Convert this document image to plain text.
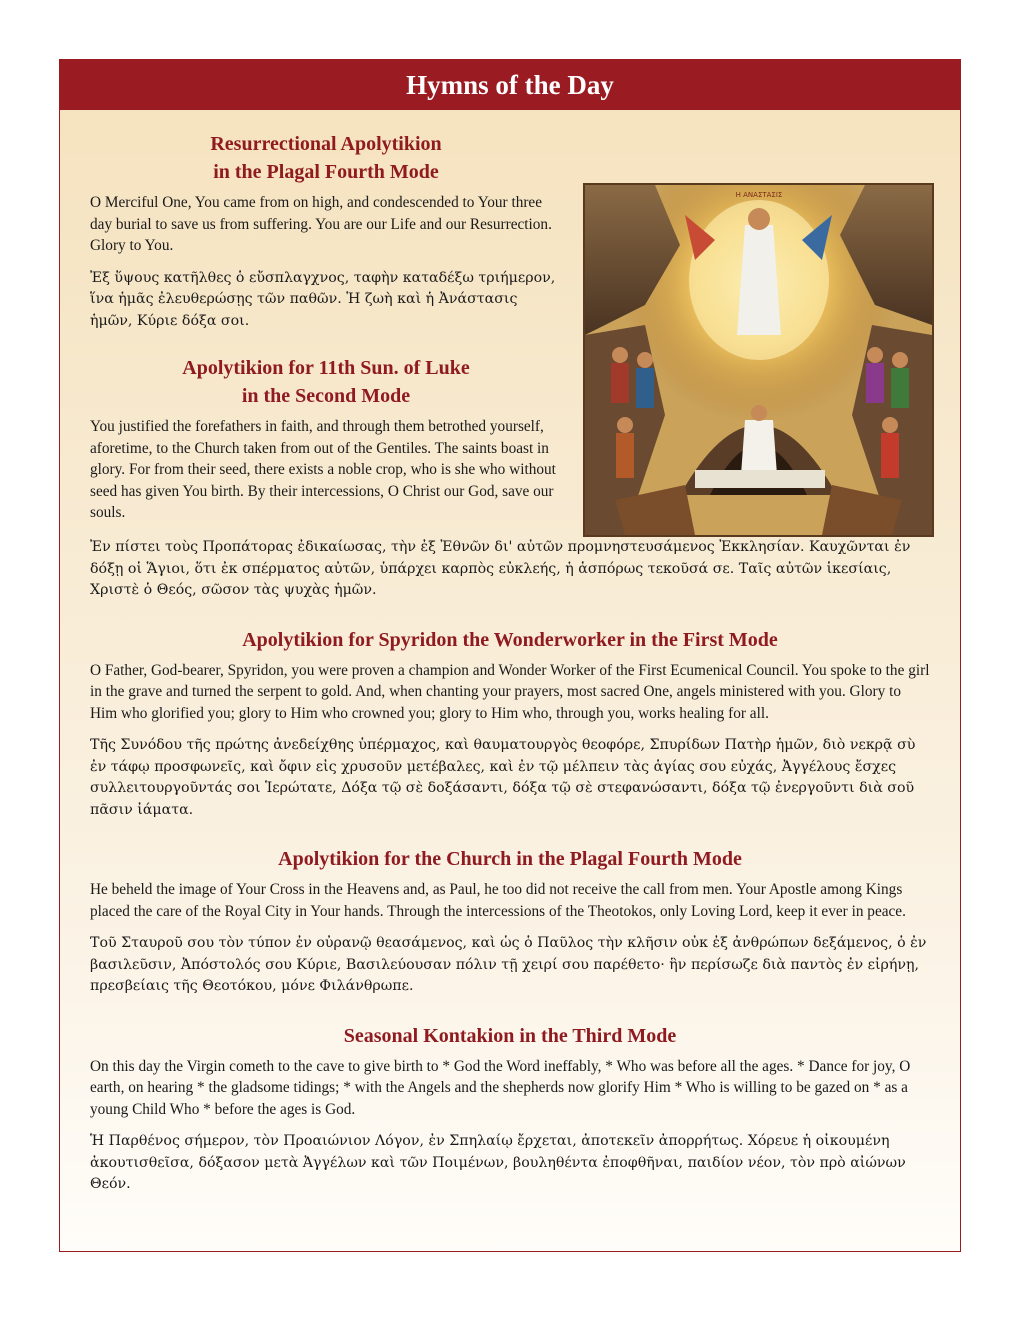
Hymns of the Day
Resurrectional Apolytikion
in the Plagal Fourth Mode

O Merciful One, You came from on high, and condescended to Your three day burial to save us from suffering. You are our Life and our Resurrection. Glory to You.

Ἐξ ὕψους κατῆλθες ὁ εὔσπλαγχνος, ταφὴν καταδέξω τριήμερον, ἵνα ἡμᾶς ἐλευθερώσῃς τῶν παθῶν. Ἡ ζωὴ καὶ ἡ Ἀνάστασις ἡμῶν, Κύριε δόξα σοι.

Apolytikion for 11th Sun. of Luke
in the Second Mode

You justified the forefathers in faith, and through them betrothed yourself, aforetime, to the Church taken from out of the Gentiles. The saints boast in glory. For from their seed, there exists a noble crop, who is she who without seed has given You birth. By their intercessions, O Christ our God, save our souls.

Η ΑΝΑΣΤΑΣΙΣ

Ἐν πίστει τοὺς Προπάτορας ἐδικαίωσας, τὴν ἐξ Ἐθνῶν δι' αὐτῶν προμνηστευσάμενος Ἐκκλησίαν. Καυχῶνται ἐν δόξῃ οἱ Ἅγιοι, ὅτι ἐκ σπέρματος αὐτῶν, ὑπάρχει καρπὸς εὐκλεής, ἡ ἀσπόρως τεκοῦσά σε. Ταῖς αὐτῶν ἱκεσίαις, Χριστὲ ὁ Θεός, σῶσον τὰς ψυχὰς ἡμῶν.

Apolytikion for Spyridon the Wonderworker in the First Mode

O Father, God-bearer, Spyridon, you were proven a champion and Wonder Worker of the First Ecumenical Council. You spoke to the girl in the grave and turned the serpent to gold. And, when chanting your prayers, most sacred One, angels ministered with you. Glory to Him who glorified you; glory to Him who crowned you; glory to Him who, through you, works healing for all.

Τῆς Συνόδου τῆς πρώτης ἀνεδείχθης ὑπέρμαχος, καὶ θαυματουργὸς θεοφόρε, Σπυρίδων Πατὴρ ἡμῶν, διὸ νεκρᾷ σὺ ἐν τάφῳ προσφωνεῖς, καὶ ὄφιν εἰς χρυσοῦν μετέβαλες, καὶ ἐν τῷ μέλπειν τὰς ἁγίας σου εὐχάς, Ἀγγέλους ἔσχες συλλειτουργοῦντάς σοι Ἱερώτατε, Δόξα τῷ σὲ δοξάσαντι, δόξα τῷ σὲ στεφανώσαντι, δόξα τῷ ἐνεργοῦντι διὰ σοῦ πᾶσιν ἰάματα.

Apolytikion for the Church in the Plagal Fourth Mode

He beheld the image of Your Cross in the Heavens and, as Paul, he too did not receive the call from men. Your Apostle among Kings placed the care of the Royal City in Your hands. Through the intercessions of the Theotokos, only Loving Lord, keep it ever in peace.

Τοῦ Σταυροῦ σου τὸν τύπον ἐν οὐρανῷ θεασάμενος, καὶ ὡς ὁ Παῦλος τὴν κλῆσιν οὐκ ἐξ ἀνθρώπων δεξάμενος, ὁ ἐν βασιλεῦσιν, Ἀπόστολός σου Κύριε, Βασιλεύουσαν πόλιν τῇ χειρί σου παρέθετο· ἣν περίσωζε διὰ παντὸς ἐν εἰρήνῃ, πρεσβείαις τῆς Θεοτόκου, μόνε Φιλάνθρωπε.

Seasonal Kontakion in the Third Mode

On this day the Virgin cometh to the cave to give birth to * God the Word ineffably, * Who was before all the ages. * Dance for joy, O earth, on hearing * the gladsome tidings; * with the Angels and the shepherds now glorify Him * Who is willing to be gazed on * as a young Child Who * before the ages is God.

Ἡ Παρθένος σήμερον, τὸν Προαιώνιον Λόγον, ἐν Σπηλαίῳ ἔρχεται, ἀποτεκεῖν ἀπορρήτως. Χόρευε ἡ οἰκουμένη ἀκουτισθεῖσα, δόξασον μετὰ Ἀγγέλων καὶ τῶν Ποιμένων, βουληθέντα ἐποφθῆναι, παιδίον νέον, τὸν πρὸ αἰώνων Θεόν.
